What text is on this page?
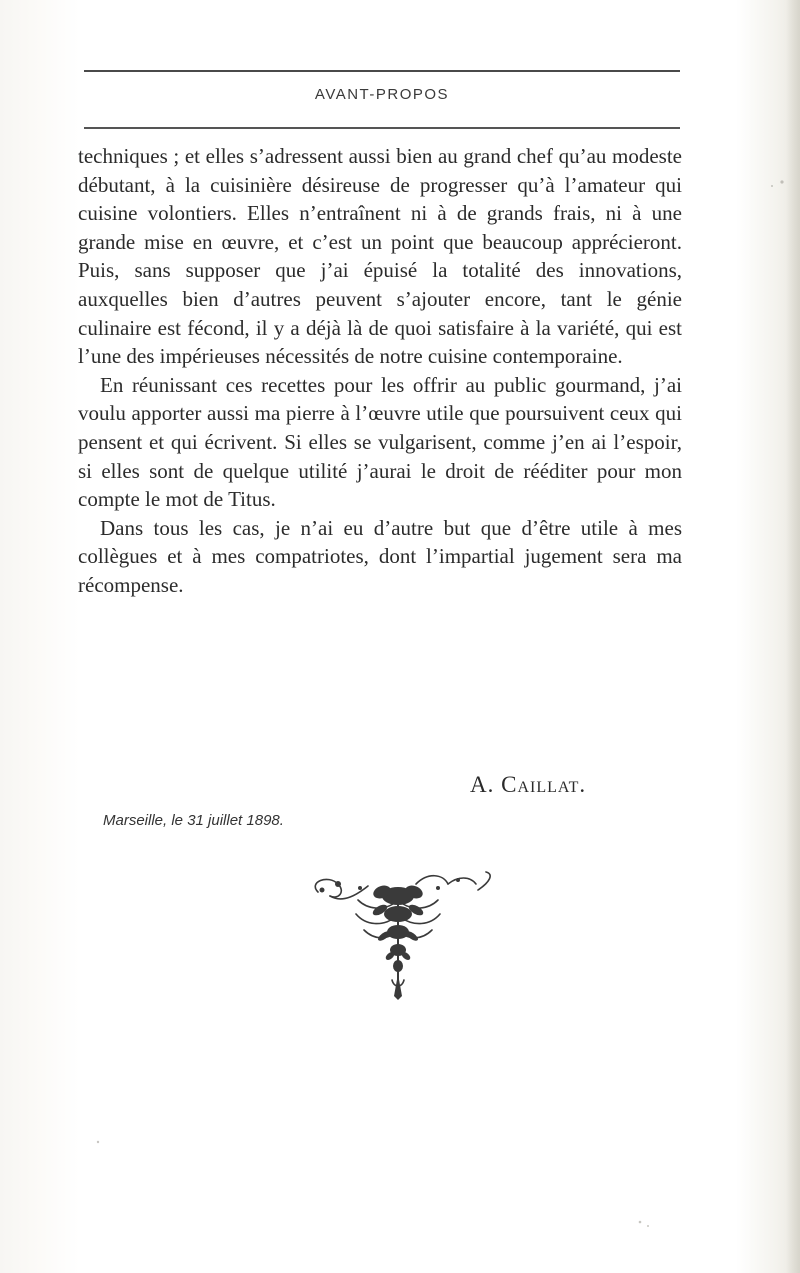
AVANT-PROPOS

techniques ; et elles s’adressent aussi bien au grand chef qu’au modeste débutant, à la cuisinière désireuse de progresser qu’à l’amateur qui cuisine volontiers. Elles n’entraînent ni à de grands frais, ni à une grande mise en œuvre, et c’est un point que beaucoup apprécieront. Puis, sans supposer que j’ai épuisé la totalité des innovations, auxquelles bien d’autres peuvent s’ajouter encore, tant le génie culinaire est fécond, il y a déjà là de quoi satisfaire à la variété, qui est l’une des impérieuses nécessités de notre cuisine contemporaine.

En réunissant ces recettes pour les offrir au public gourmand, j’ai voulu apporter aussi ma pierre à l’œuvre utile que poursuivent ceux qui pensent et qui écrivent. Si elles se vulgarisent, comme j’en ai l’espoir, si elles sont de quelque utilité j’aurai le droit de rééditer pour mon compte le mot de Titus.

Dans tous les cas, je n’ai eu d’autre but que d’être utile à mes collègues et à mes compatriotes, dont l’impartial jugement sera ma récompense.

A. Caillat.
Marseille, le 31 juillet 1898.
